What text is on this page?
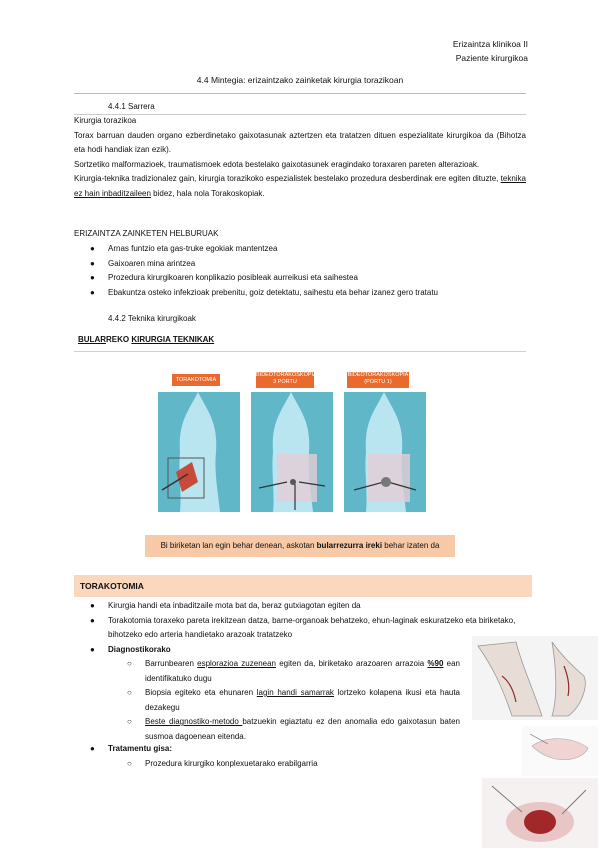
Erizaintza klinikoa II
Paziente kirurgikoa
4.4 Mintegia: erizaintzako zainketak kirurgia torazikoan
4.4.1 Sarrera
Kirurgia torazikoa
Torax barruan dauden organo ezberdinetako gaixotasunak aztertzen eta tratatzen dituen espezialitate kirurgikoa da (Bihotza eta hodi handiak izan ezik).
Sortzetiko malformazioek, traumatismoek edota bestelako gaixotasunek eragindako toraxaren pareten alterazioak.
Kirurgia-teknika tradizionalez gain, kirurgia torazikoko espezialistek bestelako prozedura desberdinak ere egiten dituzte, teknika ez hain inbaditzaileen bidez, hala nola Torakoskopiak.
ERIZAINTZA ZAINKETEN HELBURUAK
● Arnas funtzio eta gas-truke egokiak mantentzea
● Gaixoaren mina arintzea
● Prozedura kirurgikoaren konplikazio posibleak aurreikusi eta saihestea
● Ebakuntza osteko infekzioak prebenitu, goiz detektatu, saihestu eta behar izanez gero tratatu
4.4.2 Teknika kirurgikoak
BULARREKO KIRURGIA TEKNIKAK
TORAKOTOMIA
BIDEOTORAKOSKOPIA
3 PORTU
BIDEOTORAKOSKOPIA
(PORTU 1)
Bi biriketan lan egin behar denean, askotan bularrezurra ireki behar izaten da
TORAKOTOMIA
● Kirurgia handi eta inbaditzaile mota bat da, beraz gutxiagotan egiten da
● Torakotomia toraxeko pareta irekitzean datza, barne-organoak behatzeko, ehun-laginak eskuratzeko eta biriketako, bihotzeko edo arteria handietako arazoak tratatzeko
● Diagnostikorako
○ Barrunbearen esplorazioa zuzenean egiten da, biriketako arazoaren arrazoia %90 ean identifikatuko dugu
○ Biopsia egiteko eta ehunaren lagin handi samarrak lortzeko kolapena ikusi eta hauta dezakegu
○ Beste diagnostiko-metodo batzuekin egiaztatu ez den anomalia edo gaixotasun baten susmoa dagoenean eitenda.
● Tratamentu gisa:
○ Prozedura kirurgiko konplexuetarako erabilgarria
